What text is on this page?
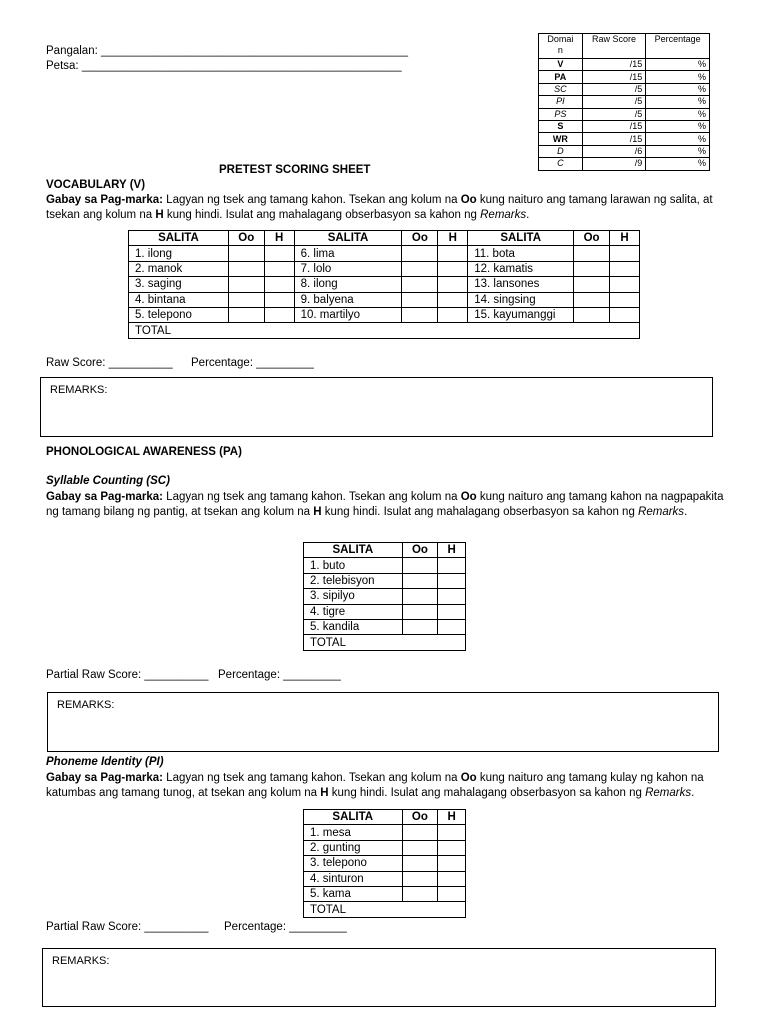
Pangalan: ________________________________________________
Petsa: __________________________________________________
Domai
n	Raw Score	Percentage
V	/15	%
PA	/15	%
SC	/5	%
PI	/5	%
PS	/5	%
S	/15	%
WR	/15	%
D	/6	%
C	/9	%
PRETEST SCORING SHEET
VOCABULARY (V)
Gabay sa Pag-marka: Lagyan ng tsek ang tamang kahon. Tsekan ang kolum na Oo kung naituro ang tamang larawan ng salita, at tsekan ang kolum na H kung hindi. Isulat ang mahalagang obserbasyon sa kahon ng Remarks.
SALITA	Oo	H	SALITA	Oo	H	SALITA	Oo	H
1. ilong			6. lima			11. bota		
2. manok			7. lolo			12. kamatis		
3. saging			8. ilong			13. lansones		
4. bintana			9. balyena			14. singsing		
5. telepono			10. martilyo			15. kayumanggi		
TOTAL								
Raw Score: __________ Percentage: _________
REMARKS:
PHONOLOGICAL AWARENESS (PA)
Syllable Counting (SC)
Gabay sa Pag-marka: Lagyan ng tsek ang tamang kahon. Tsekan ang kolum na Oo kung naituro ang tamang kahon na nagpapakita ng tamang bilang ng pantig, at tsekan ang kolum na H kung hindi. Isulat ang mahalagang obserbasyon sa kahon ng Remarks.
SALITA	Oo	H
1. buto		
2. telebisyon		
3. sipilyo		
4. tigre		
5. kandila		
TOTAL		
Partial Raw Score: __________ Percentage: _________
REMARKS:
Phoneme Identity (PI)
Gabay sa Pag-marka: Lagyan ng tsek ang tamang kahon. Tsekan ang kolum na Oo kung naituro ang tamang kulay ng kahon na katumbas ang tamang tunog, at tsekan ang kolum na H kung hindi. Isulat ang mahalagang obserbasyon sa kahon ng Remarks.
SALITA	Oo	H
1. mesa		
2. gunting		
3. telepono		
4. sinturon		
5. kama		
TOTAL		
Partial Raw Score: __________ Percentage: _________
REMARKS:
